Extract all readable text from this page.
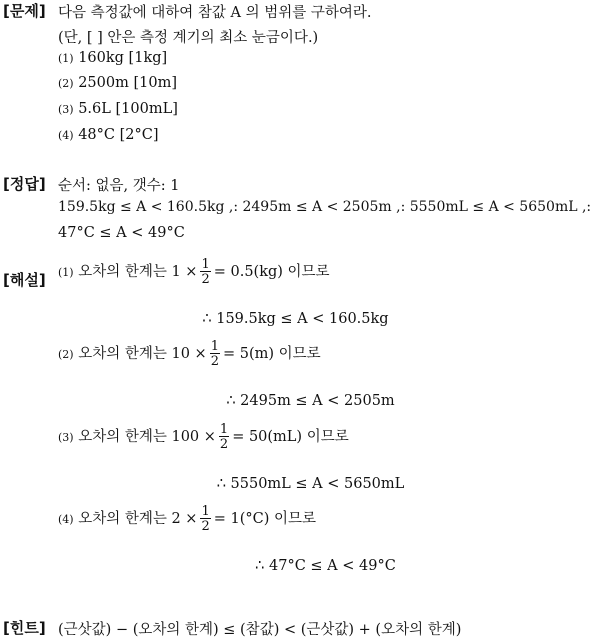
[문제] 다음 측정값에 대하여 참값 A 의 범위를 구하여라.
(단, [ ] 안은 측정 계기의 최소 눈금이다.)
(1) 160kg [1kg]
(2) 2500m [10m]
(3) 5.6L [100mL]
(4) 48°C [2°C]
[정답] 순서: 없음, 갯수: 1
159.5kg ≤ A < 160.5kg ,: 2495m ≤ A < 2505m ,: 5550mL ≤ A < 5650mL ,:
47°C ≤ A < 49°C
[해설] (1) 오차의 한계는 $1 \times \frac{1}{2} = 0.5(kg)$ 이므로
∴ 159.5kg ≤ A < 160.5kg
(2) 오차의 한계는 $10 \times \frac{1}{2} = 5(m)$ 이므로
∴ 2495m ≤ A < 2505m
(3) 오차의 한계는 $100 \times \frac{1}{2} = 50(mL)$ 이므로
∴ 5550mL ≤ A < 5650mL
(4) 오차의 한계는 $2 \times \frac{1}{2} = 1(^\circ C)$ 이므로
∴ 47°C ≤ A < 49°C
[힌트] (근삿값) − (오차의 한계) ≤ (참값) < (근삿값) + (오차의 한계)
